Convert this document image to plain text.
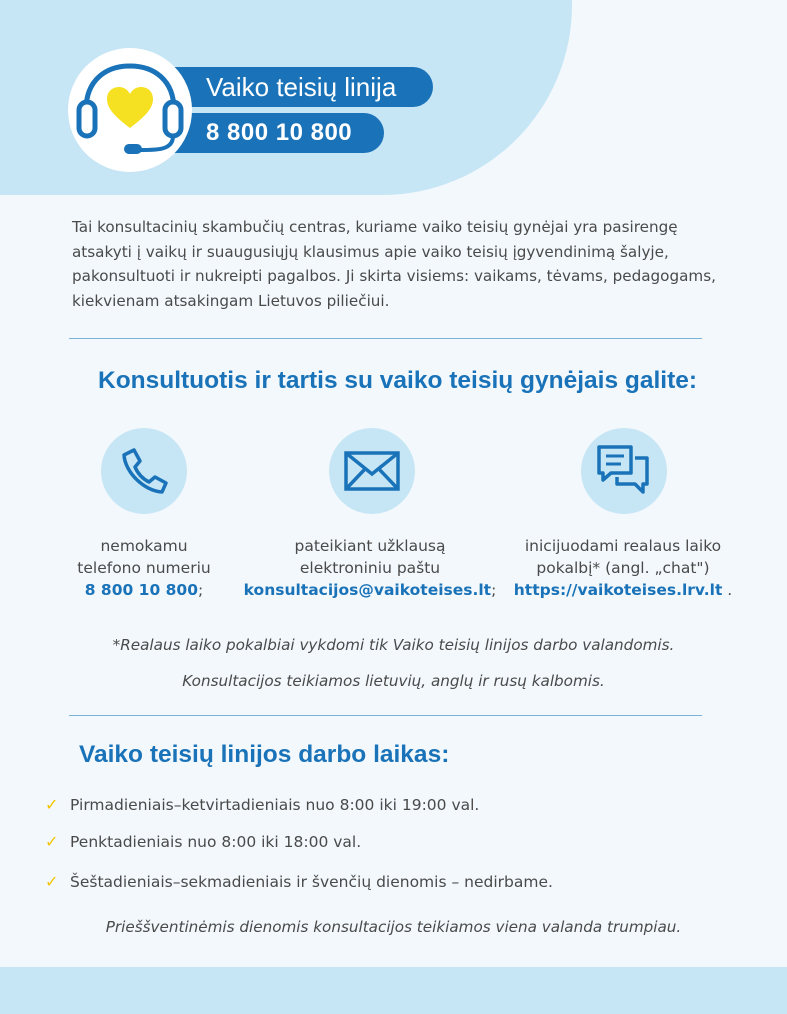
Vaiko teisių linija
8 800 10 800

Tai konsultacinių skambučių centras, kuriame vaiko teisių gynėjai yra pasirengę atsakyti į vaikų ir suaugusiųjų klausimus apie vaiko teisių įgyvendinimą šalyje, pakonsultuoti ir nukreipti pagalbos. Ji skirta visiems: vaikams, tėvams, pedagogams, kiekvienam atsakingam Lietuvos piliečiui.

Konsultuotis ir tartis su vaiko teisių gynėjais galite:
nemokamu
telefono numeriu
8 800 10 800;
pateikiant užklausą
elektroniniu paštu
konsultacijos@vaikoteises.lt;
inicijuodami realaus laiko
pokalbį* (angl. „chat")
https://vaikoteises.lrv.lt .

*Realaus laiko pokalbiai vykdomi tik Vaiko teisių linijos darbo valandomis.

Konsultacijos teikiamos lietuvių, anglų ir rusų kalbomis.

Vaiko teisių linijos darbo laikas:
✓ Pirmadieniais–ketvirtadieniais nuo 8:00 iki 19:00 val.
✓ Penktadieniais nuo 8:00 iki 18:00 val.
✓ Šeštadieniais–sekmadieniais ir švenčių dienomis – nedirbame.

Prieššventinėmis dienomis konsultacijos teikiamos viena valanda trumpiau.
